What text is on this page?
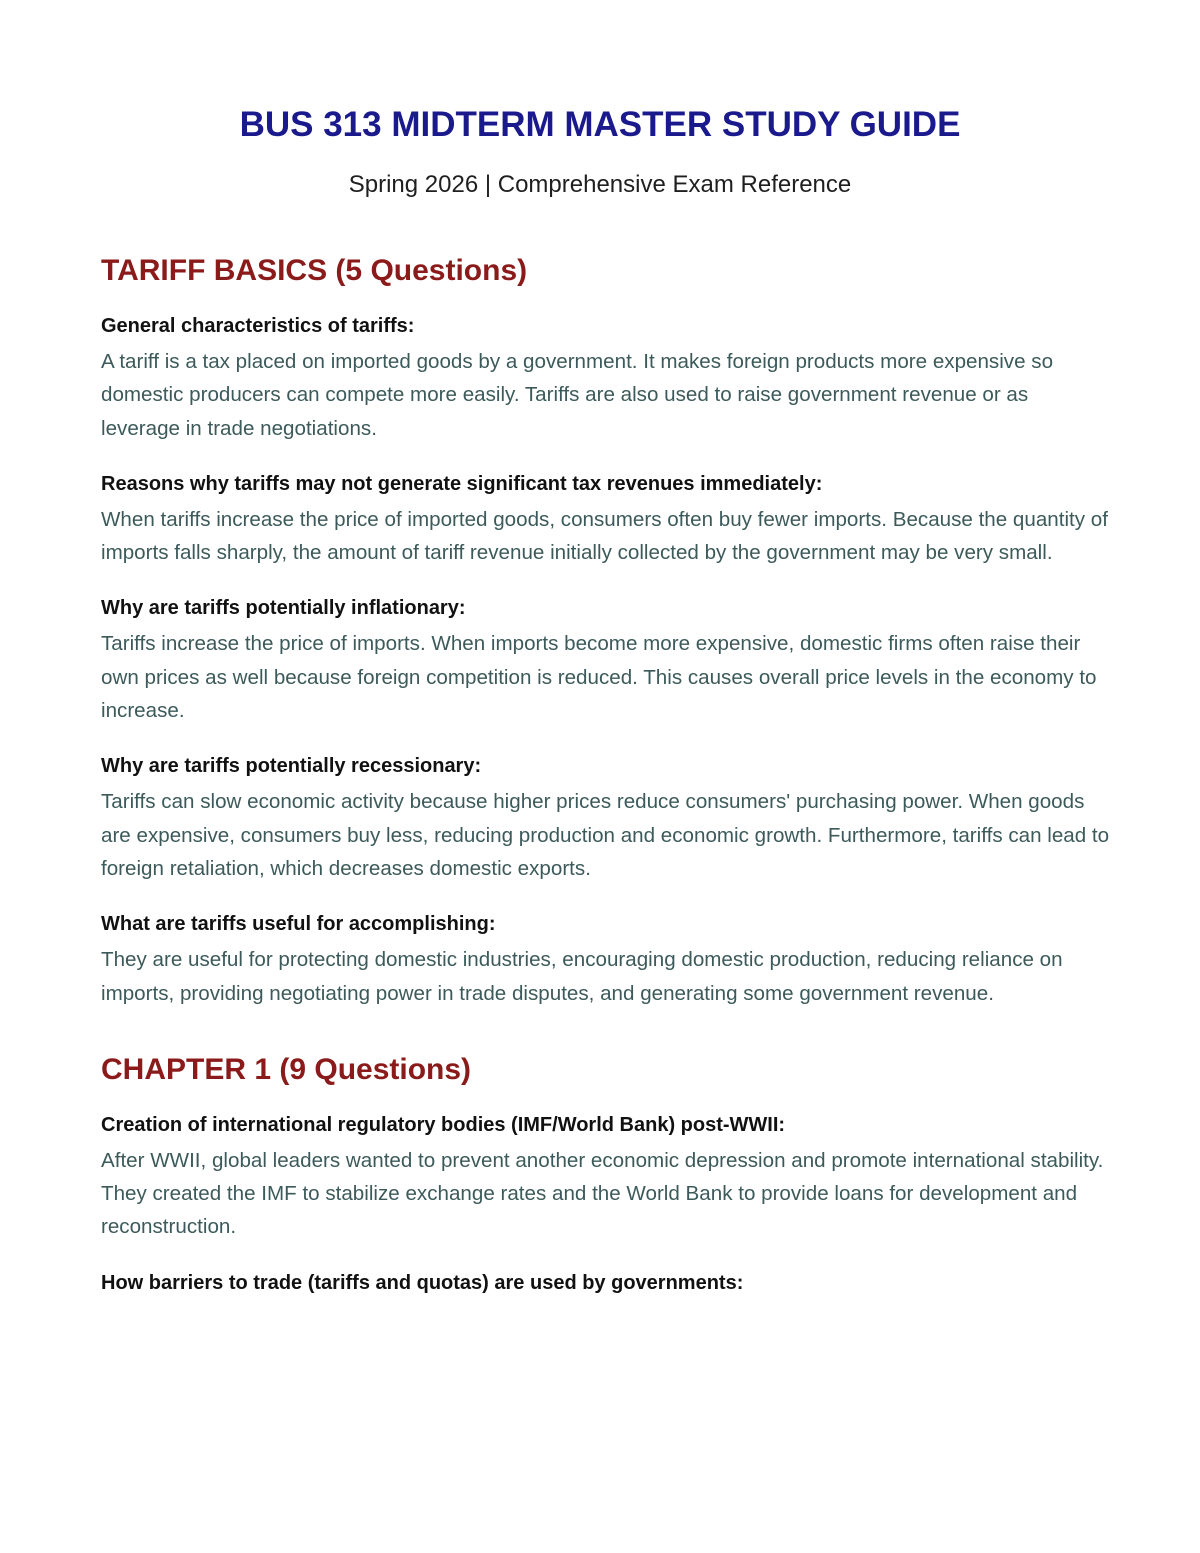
BUS 313 MIDTERM MASTER STUDY GUIDE

Spring 2026 | Comprehensive Exam Reference

TARIFF BASICS (5 Questions)

General characteristics of tariffs:

A tariff is a tax placed on imported goods by a government. It makes foreign products more expensive so domestic producers can compete more easily. Tariffs are also used to raise government revenue or as leverage in trade negotiations.

Reasons why tariffs may not generate significant tax revenues immediately:

When tariffs increase the price of imported goods, consumers often buy fewer imports. Because the quantity of imports falls sharply, the amount of tariff revenue initially collected by the government may be very small.

Why are tariffs potentially inflationary:

Tariffs increase the price of imports. When imports become more expensive, domestic firms often raise their own prices as well because foreign competition is reduced. This causes overall price levels in the economy to increase.

Why are tariffs potentially recessionary:

Tariffs can slow economic activity because higher prices reduce consumers' purchasing power. When goods are expensive, consumers buy less, reducing production and economic growth. Furthermore, tariffs can lead to foreign retaliation, which decreases domestic exports.

What are tariffs useful for accomplishing:

They are useful for protecting domestic industries, encouraging domestic production, reducing reliance on imports, providing negotiating power in trade disputes, and generating some government revenue.

CHAPTER 1 (9 Questions)

Creation of international regulatory bodies (IMF/World Bank) post-WWII:

After WWII, global leaders wanted to prevent another economic depression and promote international stability. They created the IMF to stabilize exchange rates and the World Bank to provide loans for development and reconstruction.

How barriers to trade (tariffs and quotas) are used by governments:
